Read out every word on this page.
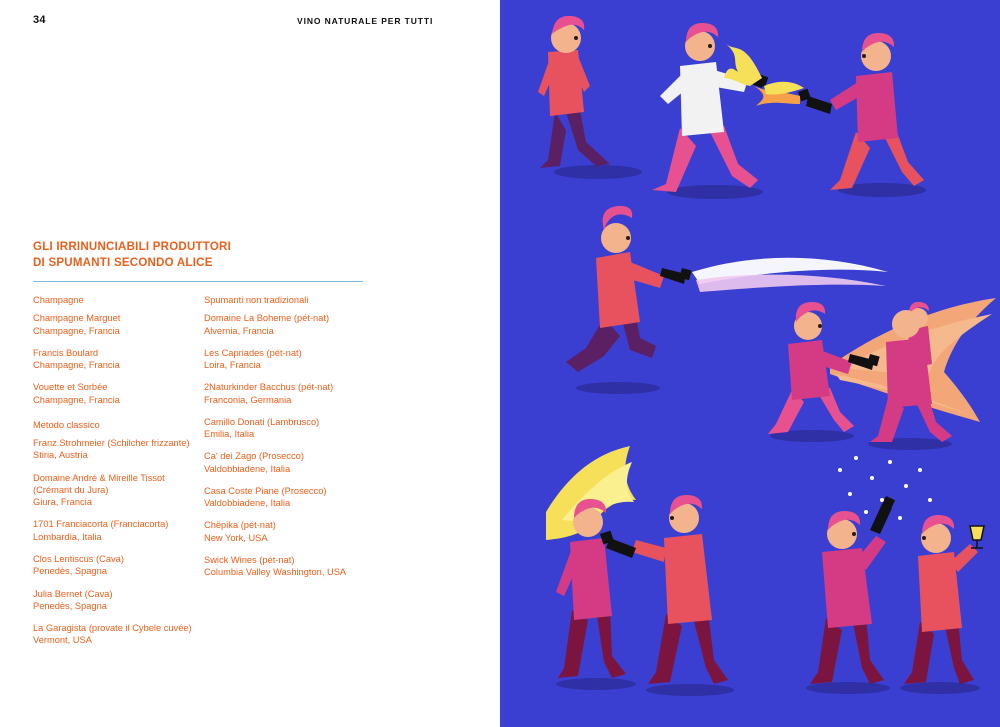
34	VINO NATURALE PER TUTTI
GLI IRRINUNCIABILI PRODUTTORI
DI SPUMANTI SECONDO ALICE
Champagne
Champagne Marguet
Champagne, Francia
Francis Boulard
Champagne, Francia
Vouette et Sorbée
Champagne, Francia
Metodo classico
Franz Strohmeier (Schilcher frizzante)
Stiria, Austria
Domaine André & Mireille Tissot (Crémant du Jura)
Giura, Francia
1701 Franciacorta (Franciacorta)
Lombardia, Italia
Clos Lentiscus (Cava)
Penedès, Spagna
Julia Bernet (Cava)
Penedès, Spagna
La Garagista (provate il Cybele cuvée)
Vermont, USA
Spumanti non tradizionali
Domaine La Boheme (pét-nat)
Alvernia, Francia
Les Capriades (pét-nat)
Loira, Francia
2Naturkinder Bacchus (pét-nat)
Franconia, Germania
Camillo Donati (Lambrusco)
Emilia, Italia
Ca' dei Zago (Prosecco)
Valdobbiadene, Italia
Casa Coste Piane (Prosecco)
Valdobbiadene, Italia
Chëpika (pét-nat)
New York, USA
Swick Wines (pét-nat)
Columbia Valley Washington, USA
